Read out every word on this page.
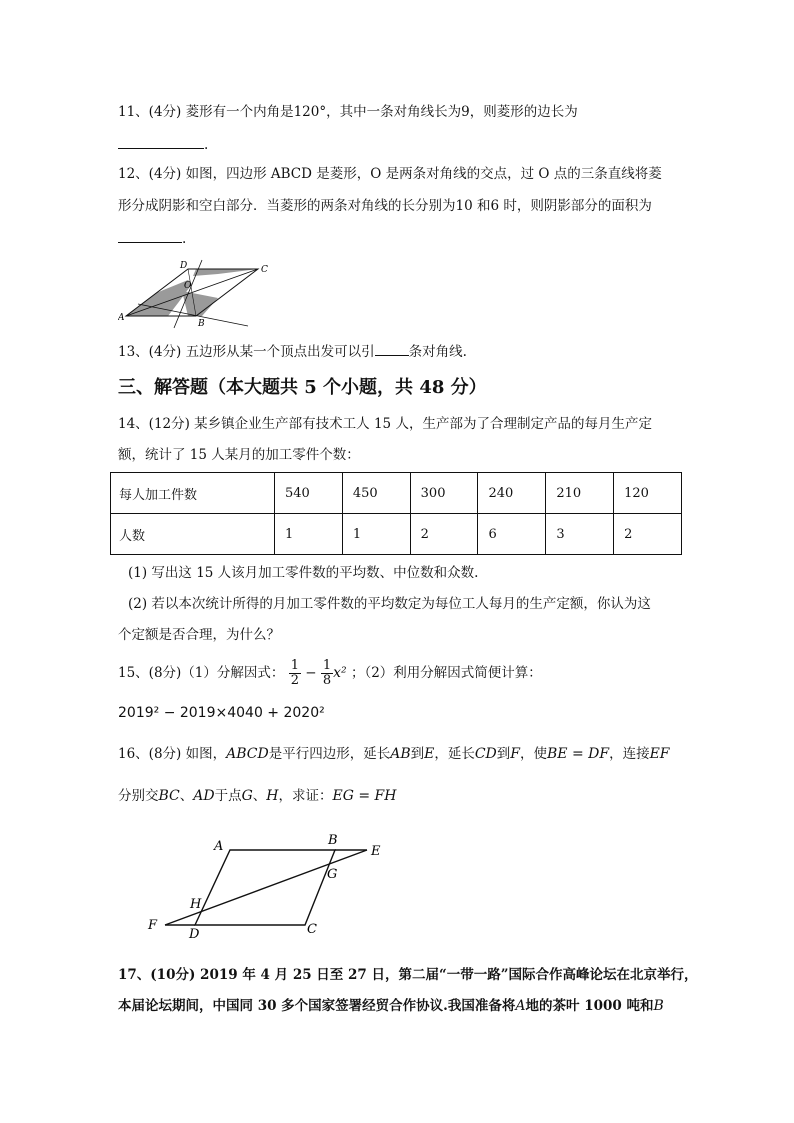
11、(4分) 菱形有一个内角是120°，其中一条对角线长为9，则菱形的边长为
.
12、(4分) 如图，四边形 ABCD 是菱形，O 是两条对角线的交点，过 O 点的三条直线将菱
形分成阴影和空白部分．当菱形的两条对角线的长分别为10 和6 时，则阴影部分的面积为
.
A
B
C
D
O
13、(4分) 五边形从某一个顶点出发可以引	条对角线.
三、解答题（本大题共 5 个小题，共 48 分）
14、(12分) 某乡镇企业生产部有技术工人 15 人，生产部为了合理制定产品的每月生产定
额，统计了 15 人某月的加工零件个数：
每人加工件数	540	450	300	240	210	120
人数	1	1	2	6	3	2
(1) 写出这 15 人该月加工零件数的平均数、中位数和众数.
(2) 若以本次统计所得的月加工零件数的平均数定为每位工人每月的生产定额，你认为这
个定额是否合理，为什么？
15、(8分)（1）分解因式： $\frac{1}{2} - \frac{1}{8} x^2$ ；（2）利用分解因式简便计算：
2019² − 2019×4040 + 2020²
16、(8分) 如图，ABCD是平行四边形，延长AB到E，延长CD到F，使BE = DF，连接EF
分别交BC、AD于点G、H，求证：EG = FH
A	B
C
D
E
F
G
H
17、(10分) 2019 年 4 月 25 日至 27 日，第二届“一带一路”国际合作高峰论坛在北京举行，
本届论坛期间，中国同 30 多个国家签署经贸合作协议.我国准备将A地的茶叶 1000 吨和B
